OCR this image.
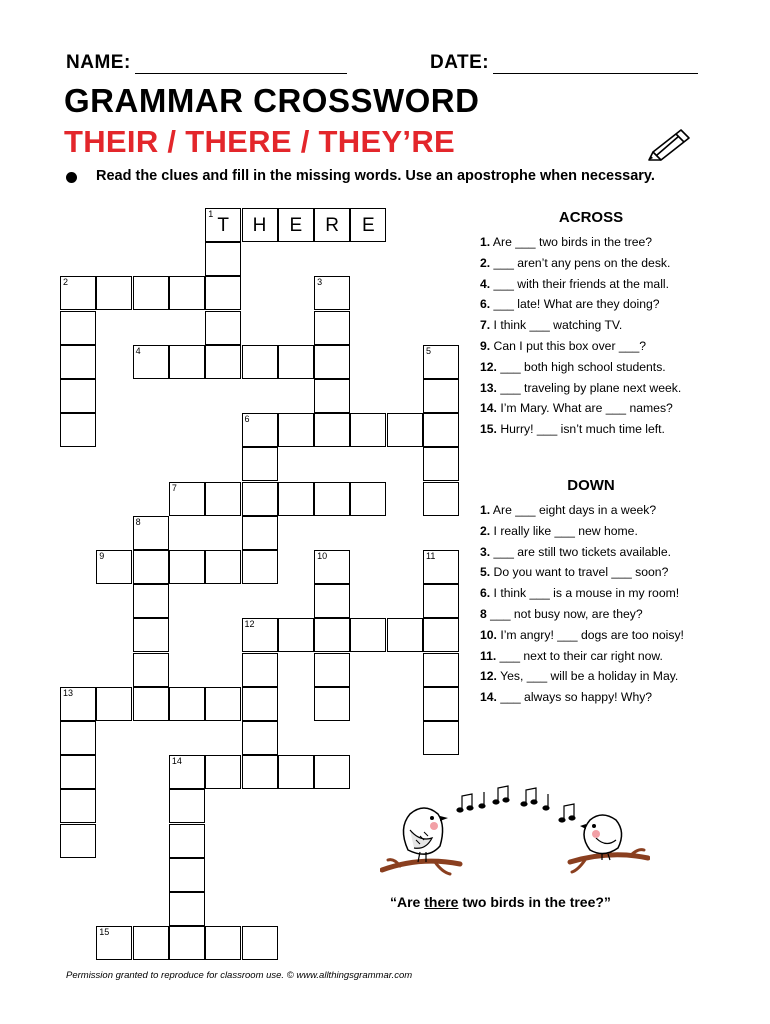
NAME:	DATE:
GRAMMAR CROSSWORD
THEIR / THERE / THEY’RE
Read the clues and fill in the missing words. Use an apostrophe when necessary.
1
T	H	E	R	E
2	3
4	5
6
7
8
9	10	11
12
13
14
15
ACROSS
1. Are ___ two birds in the tree?
2. ___ aren’t any pens on the desk.
4. ___ with their friends at the mall.
6. ___ late! What are they doing?
7. I think ___ watching TV.
9. Can I put this box over ___?
12. ___ both high school students.
13. ___ traveling by plane next week.
14. I’m Mary. What are ___ names?
15. Hurry! ___ isn’t much time left.
DOWN
1. Are ___ eight days in a week?
2. I really like ___ new home.
3. ___ are still two tickets available.
5. Do you want to travel ___ soon?
6. I think ___ is a mouse in my room!
8 ___ not busy now, are they?
10. I’m angry! ___ dogs are too noisy!
11. ___ next to their car right now.
12. Yes, ___ will be a holiday in May.
14. ___ always so happy! Why?
“Are there two birds in the tree?”
Permission granted to reproduce for classroom use. © www.allthingsgrammar.com
